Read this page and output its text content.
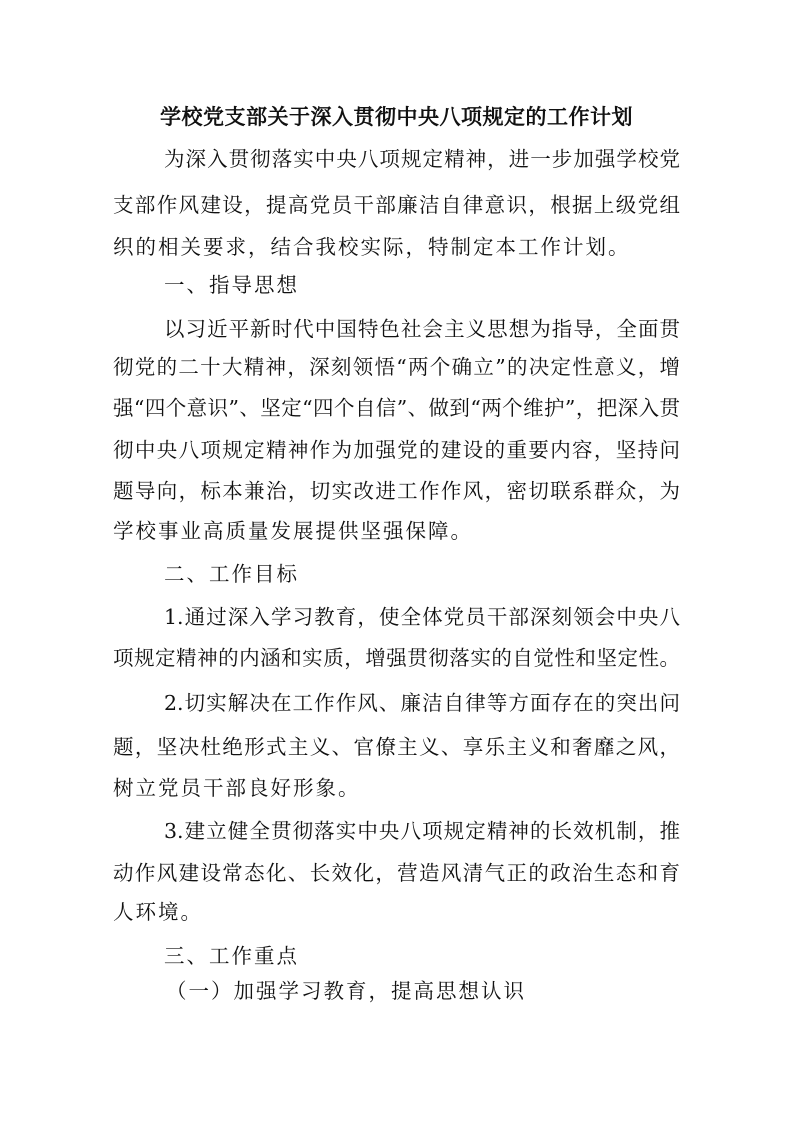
学校党支部关于深入贯彻中央八项规定的工作计划
为深入贯彻落实中央八项规定精神，进一步加强学校党
支部作风建设，提高党员干部廉洁自律意识，根据上级党组
织的相关要求，结合我校实际，特制定本工作计划。
一、指导思想
以习近平新时代中国特色社会主义思想为指导，全面贯
彻党的二十大精神，深刻领悟“两个确立”的决定性意义，增
强“四个意识”、坚定“四个自信”、做到“两个维护”，把深入贯
彻中央八项规定精神作为加强党的建设的重要内容，坚持问
题导向，标本兼治，切实改进工作作风，密切联系群众，为
学校事业高质量发展提供坚强保障。
二、工作目标
1.通过深入学习教育，使全体党员干部深刻领会中央八
项规定精神的内涵和实质，增强贯彻落实的自觉性和坚定性。
2.切实解决在工作作风、廉洁自律等方面存在的突出问
题，坚决杜绝形式主义、官僚主义、享乐主义和奢靡之风，
树立党员干部良好形象。
3.建立健全贯彻落实中央八项规定精神的长效机制，推
动作风建设常态化、长效化，营造风清气正的政治生态和育
人环境。
三、工作重点
（一）加强学习教育，提高思想认识
